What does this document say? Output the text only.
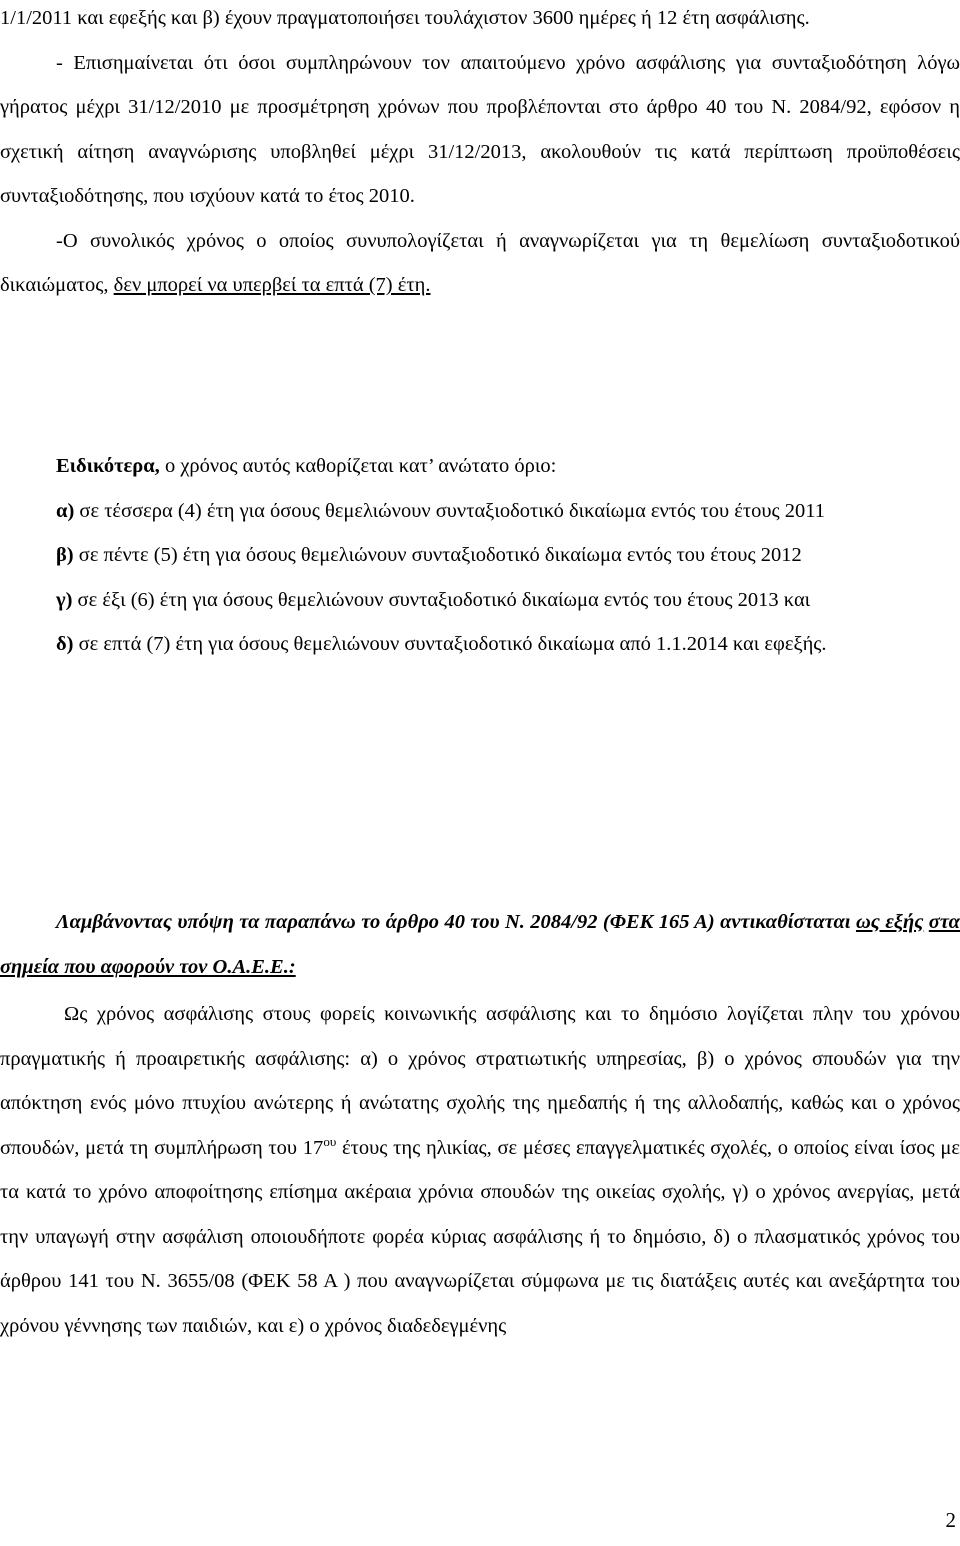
1/1/2011 και εφεξής και β) έχουν πραγματοποιήσει τουλάχιστον 3600 ημέρες ή 12 έτη ασφάλισης.

- Επισημαίνεται ότι όσοι συμπληρώνουν τον απαιτούμενο χρόνο ασφάλισης για συνταξιοδότηση λόγω γήρατος μέχρι 31/12/2010 με προσμέτρηση χρόνων που προβλέπονται στο άρθρο 40 του Ν. 2084/92, εφόσον η σχετική αίτηση αναγνώρισης υποβληθεί μέχρι 31/12/2013, ακολουθούν τις κατά περίπτωση προϋποθέσεις συνταξιοδότησης, που ισχύουν κατά το έτος 2010.

-Ο συνολικός χρόνος ο οποίος συνυπολογίζεται ή αναγνωρίζεται για τη θεμελίωση συνταξιοδοτικού δικαιώματος, δεν μπορεί να υπερβεί τα επτά (7) έτη.

Ειδικότερα, ο χρόνος αυτός καθορίζεται κατ’ ανώτατο όριο:

α) σε τέσσερα (4) έτη για όσους θεμελιώνουν συνταξιοδοτικό δικαίωμα εντός του έτους 2011

β) σε πέντε (5) έτη για όσους θεμελιώνουν συνταξιοδοτικό δικαίωμα εντός του έτους 2012

γ) σε έξι (6) έτη για όσους θεμελιώνουν συνταξιοδοτικό δικαίωμα εντός του έτους 2013 και

δ) σε επτά (7) έτη για όσους θεμελιώνουν συνταξιοδοτικό δικαίωμα από 1.1.2014 και εφεξής.

Λαμβάνοντας υπόψη τα παραπάνω το άρθρο 40 του Ν. 2084/92 (ΦΕΚ 165 Α) αντικαθίσταται ως εξής στα σημεία που αφορούν τον Ο.Α.Ε.Ε.:

Ως χρόνος ασφάλισης στους φορείς κοινωνικής ασφάλισης και το δημόσιο λογίζεται πλην του χρόνου πραγματικής ή προαιρετικής ασφάλισης: α) ο χρόνος στρατιωτικής υπηρεσίας, β) ο χρόνος σπουδών για την απόκτηση ενός μόνο πτυχίου ανώτερης ή ανώτατης σχολής της ημεδαπής ή της αλλοδαπής, καθώς και ο χρόνος σπουδών, μετά τη συμπλήρωση του $17^{o\upsilon}$ έτους της ηλικίας, σε μέσες επαγγελματικές σχολές, ο οποίος είναι ίσος με τα κατά το χρόνο αποφοίτησης επίσημα ακέραια χρόνια σπουδών της οικείας σχολής, γ) ο χρόνος ανεργίας, μετά την υπαγωγή στην ασφάλιση οποιουδήποτε φορέα κύριας ασφάλισης ή το δημόσιο, δ) ο πλασματικός χρόνος του άρθρου 141 του Ν. 3655/08 (ΦΕΚ 58 Α ) που αναγνωρίζεται σύμφωνα με τις διατάξεις αυτές και ανεξάρτητα του χρόνου γέννησης των παιδιών, και ε) ο χρόνος διαδεδεγμένης

2
